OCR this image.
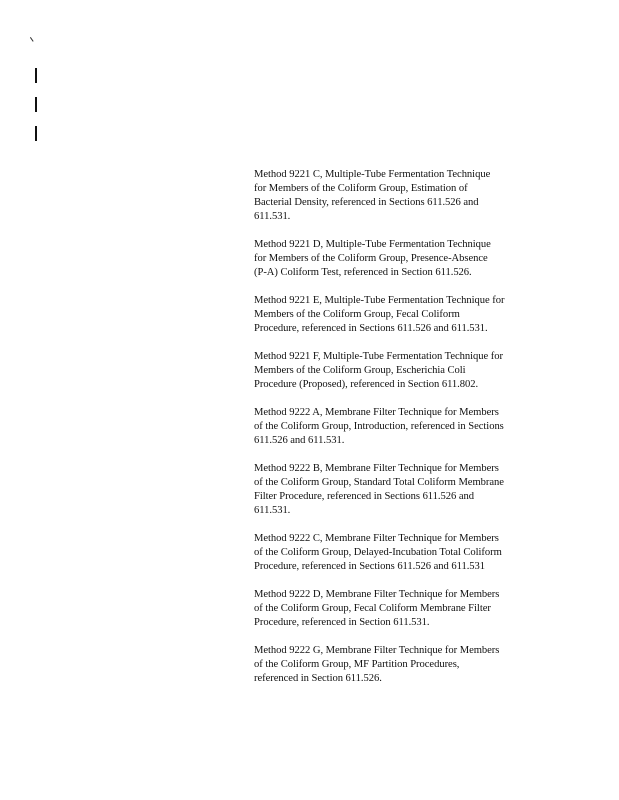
Method 9221 C, Multiple-Tube Fermentation Technique
for Members of the Coliform Group, Estimation of
Bacterial Density, referenced in Sections 611.526 and
611.531.
Method 9221 D, Multiple-Tube Fermentation Technique
for Members of the Coliform Group, Presence-Absence
(P-A) Coliform Test, referenced in Section 611.526.
Method 9221 E, Multiple-Tube Fermentation Technique for
Members of the Coliform Group, Fecal Coliform
Procedure, referenced in Sections 611.526 and 611.531.
Method 9221 F, Multiple-Tube Fermentation Technique for
Members of the Coliform Group, Escherichia Coli
Procedure (Proposed), referenced in Section 611.802.
Method 9222 A, Membrane Filter Technique for Members
of the Coliform Group, Introduction, referenced in Sections
611.526 and 611.531.
Method 9222 B, Membrane Filter Technique for Members
of the Coliform Group, Standard Total Coliform Membrane
Filter Procedure, referenced in Sections 611.526 and
611.531.
Method 9222 C, Membrane Filter Technique for Members
of the Coliform Group, Delayed-Incubation Total Coliform
Procedure, referenced in Sections 611.526 and 611.531
Method 9222 D, Membrane Filter Technique for Members
of the Coliform Group, Fecal Coliform Membrane Filter
Procedure, referenced in Section 611.531.
Method 9222 G, Membrane Filter Technique for Members
of the Coliform Group, MF Partition Procedures,
referenced in Section 611.526.
